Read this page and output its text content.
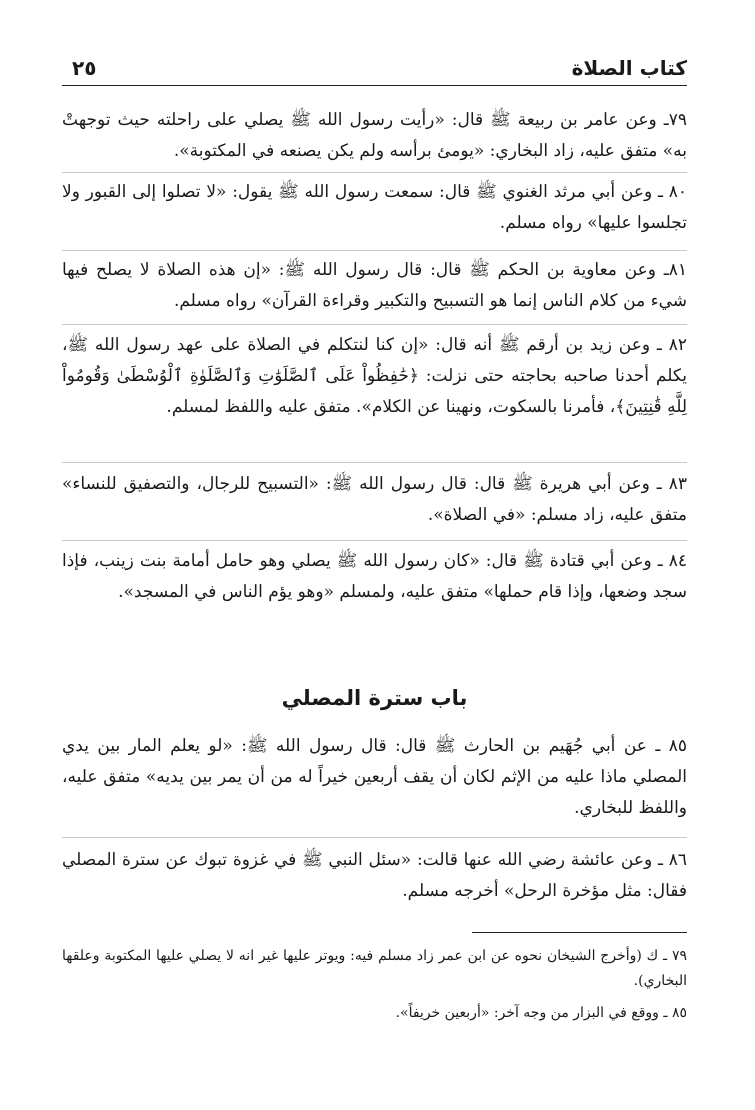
كتاب الصلاة
٢٥

٧٩ـ وعن عامر بن ربيعة ﷺ قال: «رأيت رسول الله ﷺ يصلي على راحلته حيث توجهتْ به» متفق عليه، زاد البخاري: «يومئ برأسه ولم يكن يصنعه في المكتوبة».

٨٠ ـ وعن أبي مرثد الغنوي ﷺ قال: سمعت رسول الله ﷺ يقول: «لا تصلوا إلى القبور ولا تجلسوا عليها» رواه مسلم.

٨١ـ وعن معاوية بن الحكم ﷺ قال: قال رسول الله ﷺ: «إن هذه الصلاة لا يصلح فيها شيء من كلام الناس إنما هو التسبيح والتكبير وقراءة القرآن» رواه مسلم.

٨٢ ـ وعن زيد بن أرقم ﷺ أنه قال: «إن كنا لنتكلم في الصلاة على عهد رسول الله ﷺ، يكلم أحدنا صاحبه بحاجته حتى نزلت: ﴿حَٰفِظُواْ عَلَى ٱلصَّلَوَٰتِ وَٱلصَّلَوٰةِ ٱلْوُسْطَىٰ وَقُومُواْ لِلَّهِ قَٰنِتِينَ﴾، فأمرنا بالسكوت، ونهينا عن الكلام». متفق عليه واللفظ لمسلم.

٨٣ ـ وعن أبي هريرة ﷺ قال: قال رسول الله ﷺ: «التسبيح للرجال، والتصفيق للنساء» متفق عليه، زاد مسلم: «في الصلاة».

٨٤ ـ وعن أبي قتادة ﷺ قال: «كان رسول الله ﷺ يصلي وهو حامل أمامة بنت زينب، فإذا سجد وضعها، وإذا قام حملها» متفق عليه، ولمسلم «وهو يؤم الناس في المسجد».

باب سترة المصلي

٨٥ ـ عن أبي جُهَيم بن الحارث ﷺ قال: قال رسول الله ﷺ: «لو يعلم المار بين يدي المصلي ماذا عليه من الإثم لكان أن يقف أربعين خيراً له من أن يمر بين يديه» متفق عليه، واللفظ للبخاري.

٨٦ ـ وعن عائشة رضي الله عنها قالت: «سئل النبي ﷺ في غزوة تبوك عن سترة المصلي فقال: مثل مؤخرة الرحل» أخرجه مسلم.

٧٩ ـ ك (وأخرج الشيخان نحوه عن ابن عمر زاد مسلم فيه: ويوتر عليها غير انه لا يصلي عليها المكتوبة وعلقها البخاري).

٨٥ ـ ووقع في البزار من وجه آخر: «أربعين خريفاً».
